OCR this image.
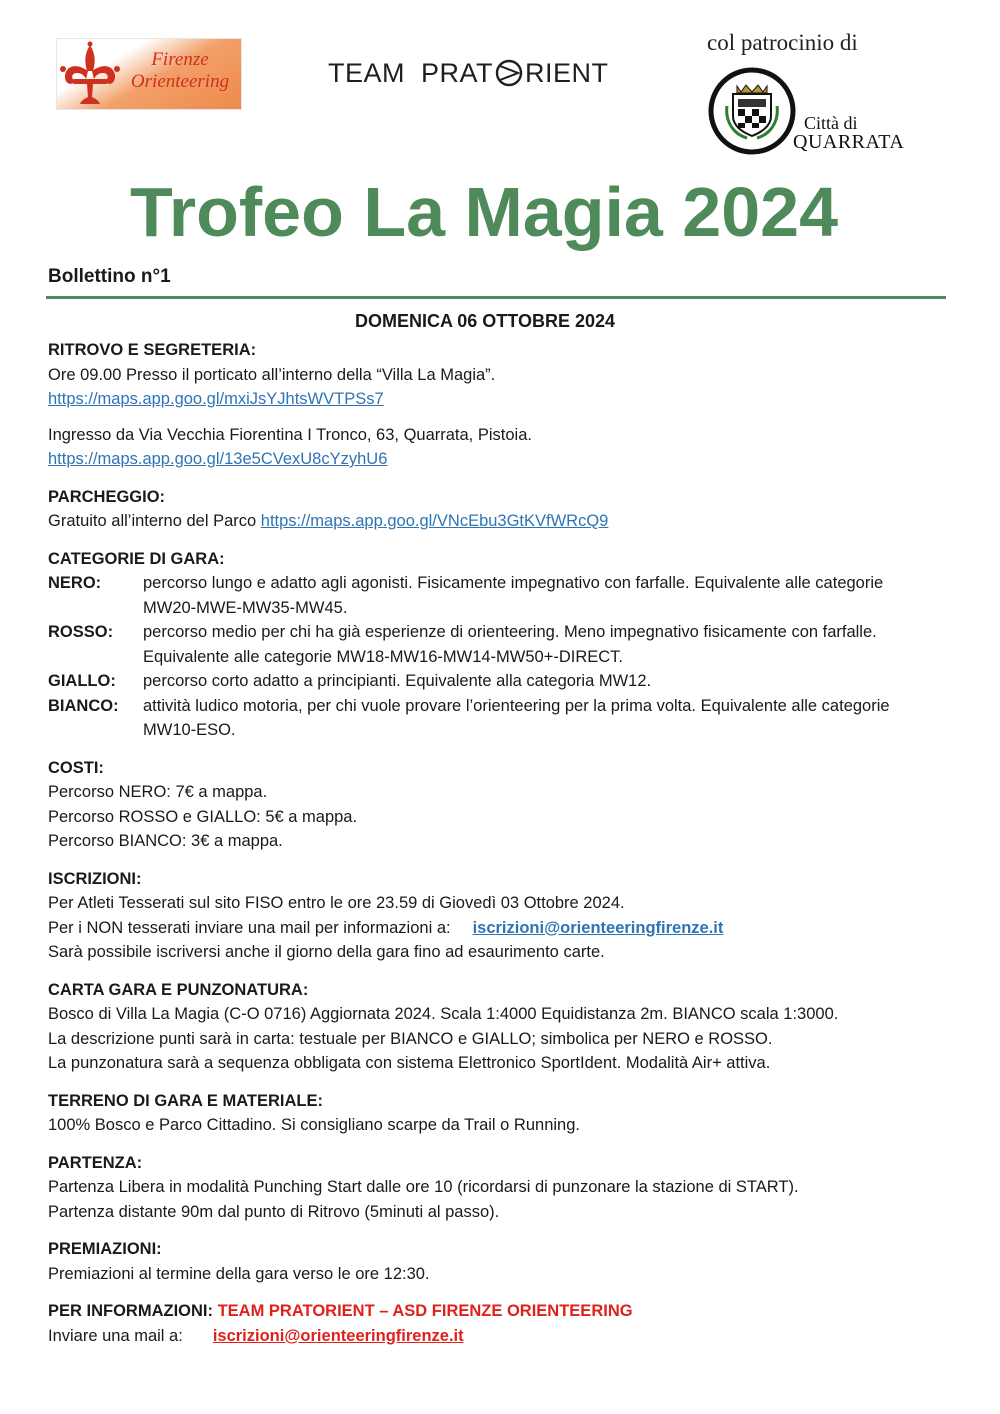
Firenze
Orienteering	TEAM PRAT RIENT
col patrocinio di
Città di
QUARRATA
Trofeo La Magia 2024
Bollettino n°1
DOMENICA 06 OTTOBRE 2024
RITROVO E SEGRETERIA:
Ore 09.00 Presso il porticato all’interno della “Villa La Magia”.
https://maps.app.goo.gl/mxiJsYJhtsWVTPSs7
Ingresso da Via Vecchia Fiorentina I Tronco, 63, Quarrata, Pistoia.
https://maps.app.goo.gl/13e5CVexU8cYzyhU6
PARCHEGGIO:
Gratuito all’interno del Parco https://maps.app.goo.gl/VNcEbu3GtKVfWRcQ9
CATEGORIE DI GARA:
NERO:	percorso lungo e adatto agli agonisti. Fisicamente impegnativo con farfalle. Equivalente alle categorie MW20-MWE-MW35-MW45.
ROSSO:	percorso medio per chi ha già esperienze di orienteering. Meno impegnativo fisicamente con farfalle. Equivalente alle categorie MW18-MW16-MW14-MW50+-DIRECT.
GIALLO:	percorso corto adatto a principianti. Equivalente alla categoria MW12.
BIANCO:	attività ludico motoria, per chi vuole provare l’orienteering per la prima volta. Equivalente alle categorie MW10-ESO.
COSTI:
Percorso NERO: 7€ a mappa.
Percorso ROSSO e GIALLO: 5€ a mappa.
Percorso BIANCO: 3€ a mappa.
ISCRIZIONI:
Per Atleti Tesserati sul sito FISO entro le ore 23.59 di Giovedì 03 Ottobre 2024.
Per i NON tesserati inviare una mail per informazioni a: iscrizioni@orienteeringfirenze.it
Sarà possibile iscriversi anche il giorno della gara fino ad esaurimento carte.
CARTA GARA E PUNZONATURA:
Bosco di Villa La Magia (C-O 0716) Aggiornata 2024. Scala 1:4000 Equidistanza 2m. BIANCO scala 1:3000.
La descrizione punti sarà in carta: testuale per BIANCO e GIALLO; simbolica per NERO e ROSSO.
La punzonatura sarà a sequenza obbligata con sistema Elettronico SportIdent. Modalità Air+ attiva.
TERRENO DI GARA E MATERIALE:
100% Bosco e Parco Cittadino. Si consigliano scarpe da Trail o Running.
PARTENZA:
Partenza Libera in modalità Punching Start dalle ore 10 (ricordarsi di punzonare la stazione di START).
Partenza distante 90m dal punto di Ritrovo (5minuti al passo).
PREMIAZIONI:
Premiazioni al termine della gara verso le ore 12:30.
PER INFORMAZIONI: TEAM PRATORIENT – ASD FIRENZE ORIENTEERING
Inviare una mail a: iscrizioni@orienteeringfirenze.it
